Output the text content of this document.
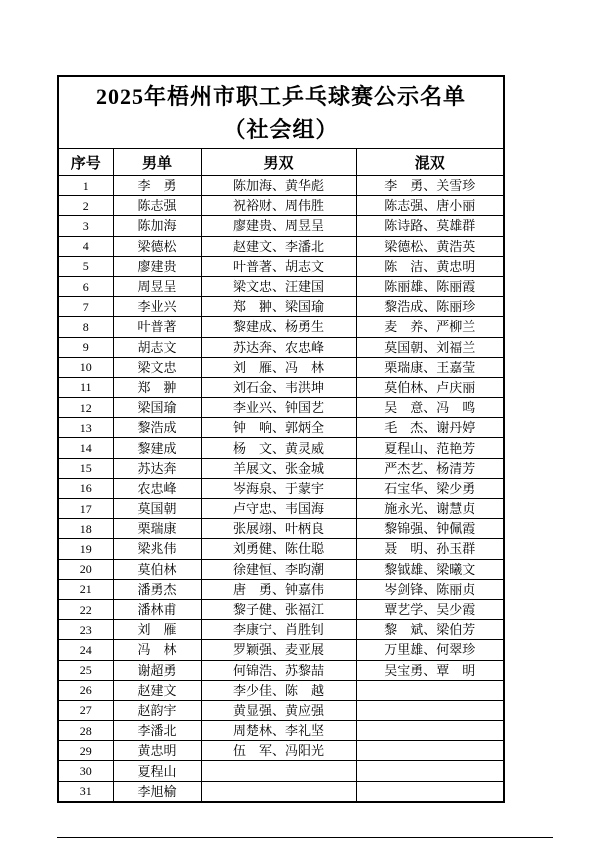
2025年梧州市职工乒乓球赛公示名单
（社会组）			

序号	男单	男双	混双
1	李　勇	陈加海、黄华彪	李　勇、关雪珍
2	陈志强	祝裕财、周伟胜	陈志强、唐小丽
3	陈加海	廖建贵、周昱呈	陈诗路、莫雄群
4	梁德松	赵建文、李潘北	梁德松、黄浩英
5	廖建贵	叶普著、胡志文	陈　洁、黄忠明
6	周昱呈	梁文忠、汪建国	陈丽雄、陈丽霞
7	李业兴	郑　翀、梁国瑜	黎浩成、陈丽珍
8	叶普著	黎建成、杨勇生	麦　养、严柳兰
9	胡志文	苏达奔、农忠峰	莫国朝、刘福兰
10	梁文忠	刘　雁、冯　林	栗瑞康、王嘉莹
11	郑　翀	刘石金、韦洪坤	莫伯林、卢庆丽
12	梁国瑜	李业兴、钟国艺	吴　意、冯　鸣
13	黎浩成	钟　响、郭炳全	毛　杰、谢丹婷
14	黎建成	杨　文、黄灵威	夏程山、范艳芳
15	苏达奔	羊展文、张金城	严杰艺、杨清芳
16	农忠峰	岑海泉、于蒙宇	石宝华、梁少勇
17	莫国朝	卢守忠、韦国海	施永光、谢慧贞
18	栗瑞康	张展翊、叶柄良	黎锦强、钟佩霞
19	梁兆伟	刘勇健、陈仕聪	聂　明、孙玉群
20	莫伯林	徐建恒、李昀潮	黎钺雄、梁曦文
21	潘勇杰	唐　勇、钟嘉伟	岑剑锋、陈丽贞
22	潘林甫	黎子健、张福江	覃艺学、吴少霞
23	刘　雁	李康宁、肖胜钊	黎　斌、梁伯芳
24	冯　林	罗颖强、麦亚展	万里雄、何翠珍
25	谢超勇	何锦浩、苏黎喆	吴宝勇、覃　明
26	赵建文	李少佳、陈　越	
27	赵韵宇	黄显强、黄应强	
28	李潘北	周楚林、李礼坚	
29	黄忠明	伍　军、冯阳光	
30	夏程山		
31	李旭榆		
